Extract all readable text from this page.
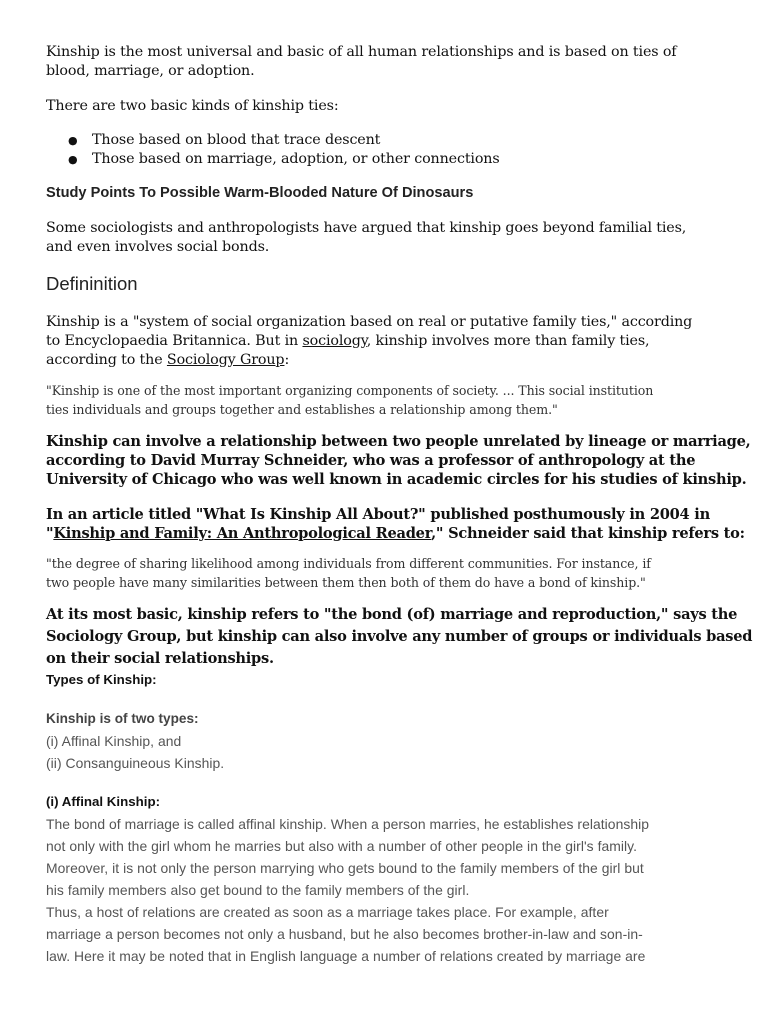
Kinship is the most universal and basic of all human relationships and is based on ties of
blood, marriage, or adoption.

There are two basic kinds of kinship ties:

● Those based on blood that trace descent
● Those based on marriage, adoption, or other connections

Study Points To Possible Warm-Blooded Nature Of Dinosaurs

Some sociologists and anthropologists have argued that kinship goes beyond familial ties,
and even involves social bonds.

Defininition

Kinship is a "system of social organization based on real or putative family ties," according
to Encyclopaedia Britannica. But in sociology, kinship involves more than family ties,
according to the Sociology Group:

"Kinship is one of the most important organizing components of society. ... This social institution
ties individuals and groups together and establishes a relationship among them."

Kinship can involve a relationship between two people unrelated by lineage or marriage,
according to David Murray Schneider, who was a professor of anthropology at the
University of Chicago who was well known in academic circles for his studies of kinship.

In an article titled "What Is Kinship All About?" published posthumously in 2004 in
"Kinship and Family: An Anthropological Reader," Schneider said that kinship refers to:

"the degree of sharing likelihood among individuals from different communities. For instance, if
two people have many similarities between them then both of them do have a bond of kinship."

At its most basic, kinship refers to "the bond (of) marriage and reproduction," says the
Sociology Group, but kinship can also involve any number of groups or individuals based
on their social relationships.

Types of Kinship:

Kinship is of two types:
(i) Affinal Kinship, and
(ii) Consanguineous Kinship.

(i) Affinal Kinship:

The bond of marriage is called affinal kinship. When a person marries, he establishes relationship
not only with the girl whom he marries but also with a number of other people in the girl's family.
Moreover, it is not only the person marrying who gets bound to the family members of the girl but
his family members also get bound to the family members of the girl.
Thus, a host of relations are created as soon as a marriage takes place. For example, after
marriage a person becomes not only a husband, but he also becomes brother-in-law and son-in-
law. Here it may be noted that in English language a number of relations created by marriage are
